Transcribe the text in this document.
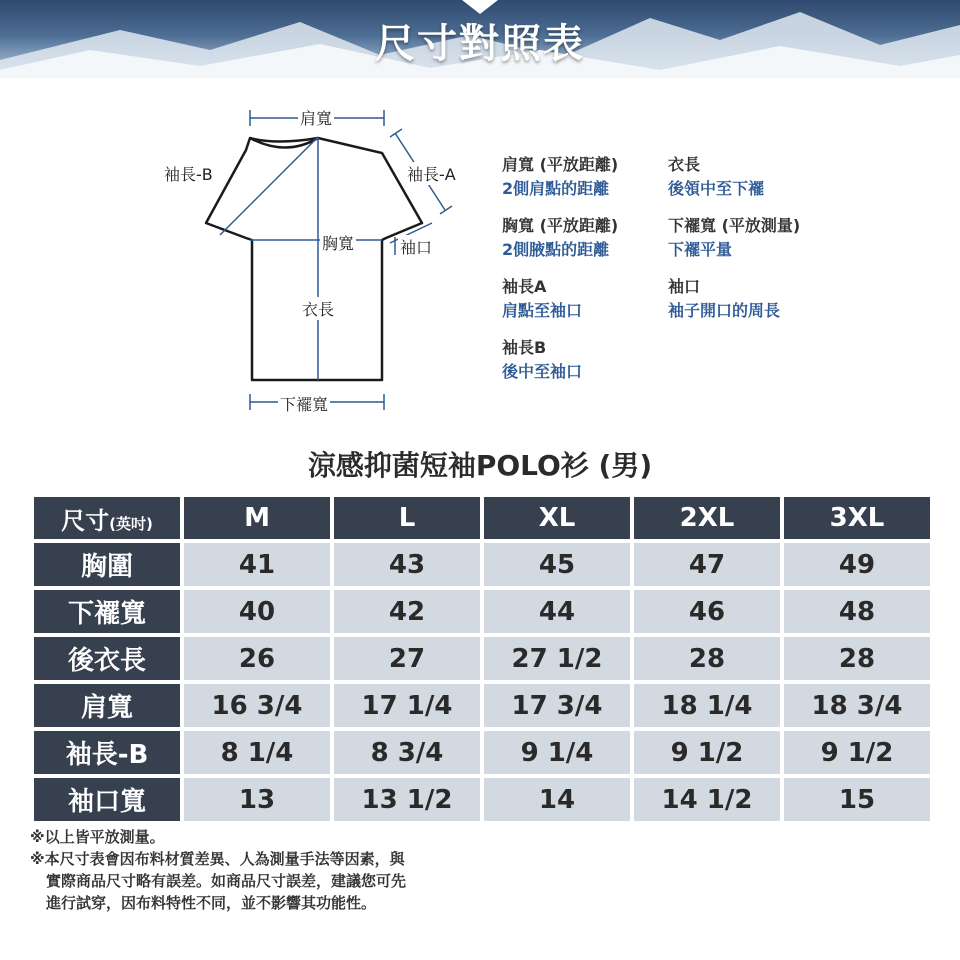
尺寸對照表
肩寬
袖長-A
袖長-B
胸寬	袖口
衣長
下襬寬
肩寬 (平放距離)
2側肩點的距離
衣長
後領中至下襬
胸寬 (平放距離)
2側腋點的距離
下襬寬 (平放測量)
下襬平量
袖長A
肩點至袖口
袖口
袖子開口的周長
袖長B
後中至袖口
涼感抑菌短袖POLO衫 (男)
尺寸(英吋)	M	L	XL	2XL	3XL
胸圍	41	43	45	47	49
下襬寬	40	42	44	46	48
後衣長	26	27	27 1/2	28	28
肩寬	16 3/4	17 1/4	17 3/4	18 1/4	18 3/4
袖長-B	8 1/4	8 3/4	9 1/4	9 1/2	9 1/2
袖口寬	13	13 1/2	14	14 1/2	15
※以上皆平放測量。
※本尺寸表會因布料材質差異、人為測量手法等因素，與
實際商品尺寸略有誤差。如商品尺寸誤差，建議您可先
進行試穿，因布料特性不同，並不影響其功能性。
